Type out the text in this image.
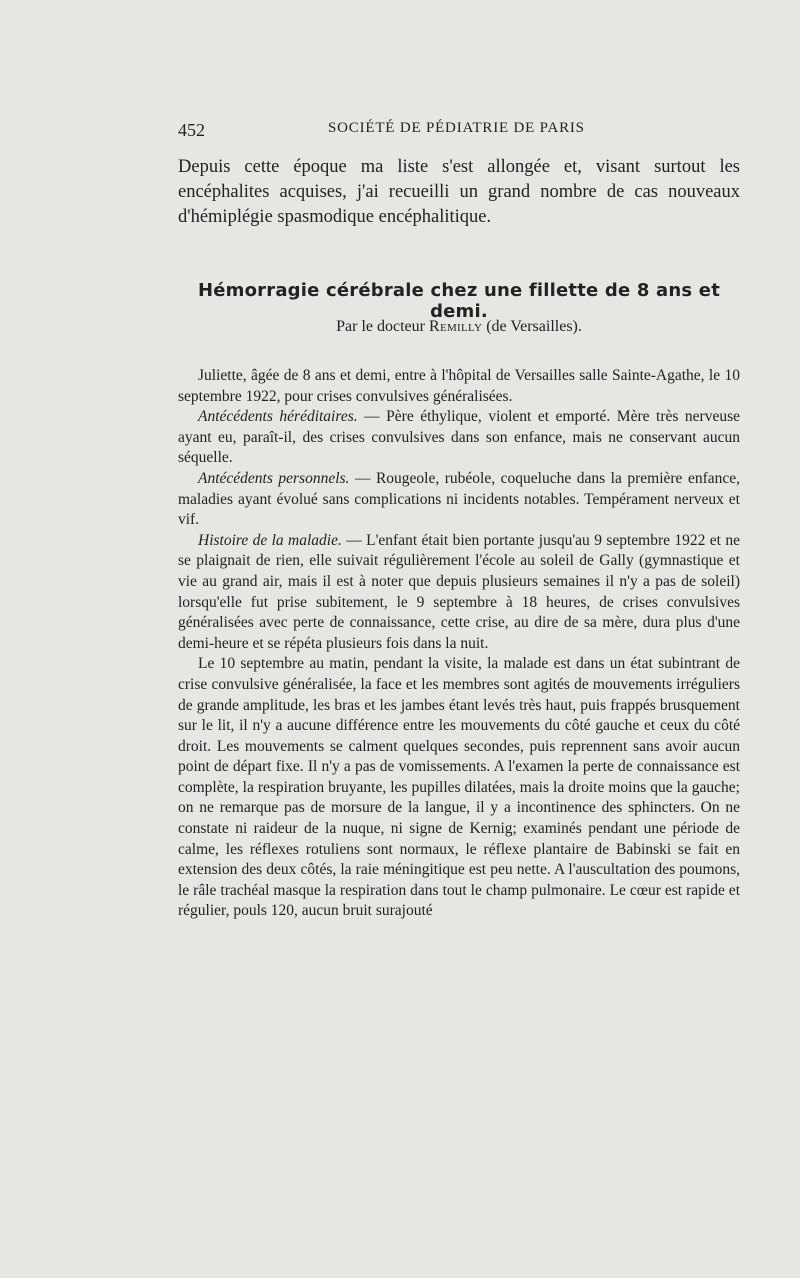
452	SOCIÉTÉ DE PÉDIATRIE DE PARIS

Depuis cette époque ma liste s'est allongée et, visant surtout les encéphalites acquises, j'ai recueilli un grand nombre de cas nouveaux d'hémiplégie spasmodique encéphalitique.

Hémorragie cérébrale chez une fillette de 8 ans et demi.

Par le docteur Remilly (de Versailles).

Juliette, âgée de 8 ans et demi, entre à l'hôpital de Versailles salle Sainte-Agathe, le 10 septembre 1922, pour crises convulsives généralisées.

Antécédents héréditaires. — Père éthylique, violent et emporté. Mère très nerveuse ayant eu, paraît-il, des crises convulsives dans son enfance, mais ne conservant aucun séquelle.

Antécédents personnels. — Rougeole, rubéole, coqueluche dans la première enfance, maladies ayant évolué sans complications ni incidents notables. Tempérament nerveux et vif.

Histoire de la maladie. — L'enfant était bien portante jusqu'au 9 septembre 1922 et ne se plaignait de rien, elle suivait régulièrement l'école au soleil de Gally (gymnastique et vie au grand air, mais il est à noter que depuis plusieurs semaines il n'y a pas de soleil) lorsqu'elle fut prise subitement, le 9 septembre à 18 heures, de crises convulsives généralisées avec perte de connaissance, cette crise, au dire de sa mère, dura plus d'une demi-heure et se répéta plusieurs fois dans la nuit.

Le 10 septembre au matin, pendant la visite, la malade est dans un état subintrant de crise convulsive généralisée, la face et les membres sont agités de mouvements irréguliers de grande amplitude, les bras et les jambes étant levés très haut, puis frappés brusquement sur le lit, il n'y a aucune différence entre les mouvements du côté gauche et ceux du côté droit. Les mouvements se calment quelques secondes, puis reprennent sans avoir aucun point de départ fixe. Il n'y a pas de vomissements. A l'examen la perte de connaissance est complète, la respiration bruyante, les pupilles dilatées, mais la droite moins que la gauche; on ne remarque pas de morsure de la langue, il y a incontinence des sphincters. On ne constate ni raideur de la nuque, ni signe de Kernig; examinés pendant une période de calme, les réflexes rotuliens sont normaux, le réflexe plantaire de Babinski se fait en extension des deux côtés, la raie méningitique est peu nette. A l'auscultation des poumons, le râle trachéal masque la respiration dans tout le champ pulmonaire. Le cœur est rapide et régulier, pouls 120, aucun bruit surajouté
